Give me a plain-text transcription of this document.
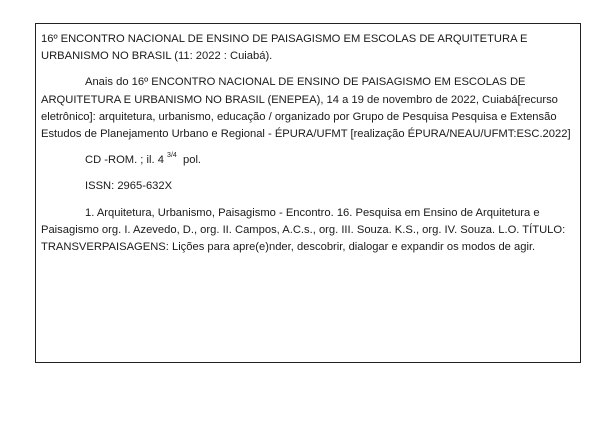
16º ENCONTRO NACIONAL DE ENSINO DE PAISAGISMO EM ESCOLAS DE ARQUITETURA E URBANISMO NO BRASIL (11: 2022 : Cuiabá).

Anais do 16º ENCONTRO NACIONAL DE ENSINO DE PAISAGISMO EM ESCOLAS DE ARQUITETURA E URBANISMO NO BRASIL (ENEPEA), 14 a 19 de novembro de 2022, Cuiabá[recurso eletrônico]: arquitetura, urbanismo, educação / organizado por Grupo de Pesquisa Pesquisa e Extensão Estudos de Planejamento Urbano e Regional - ÉPURA/UFMT [realização ÉPURA/NEAU/UFMT:ESC.2022]

CD -ROM. ; il. 4 $^{3/4}$  pol.

ISSN: 2965-632X

1. Arquitetura, Urbanismo, Paisagismo - Encontro. 16. Pesquisa em Ensino de Arquitetura e Paisagismo org. I. Azevedo, D., org. II. Campos, A.C.s., org. III. Souza. K.S., org. IV. Souza. L.O. TÍTULO: TRANSVERPAISAGENS: Lições para apre(e)nder, descobrir, dialogar e expandir os modos de agir.
